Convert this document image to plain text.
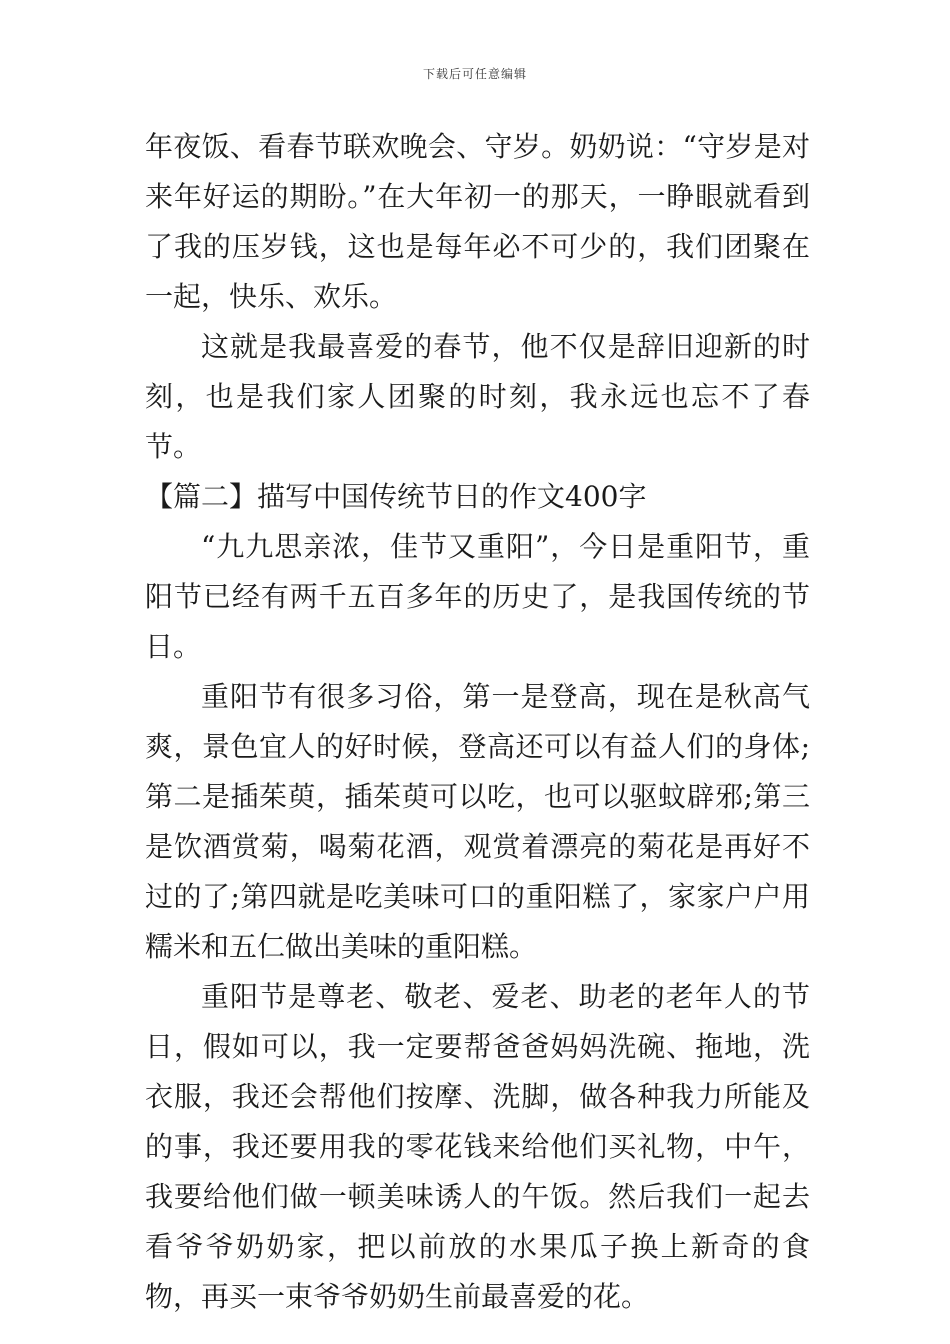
下载后可任意编辑

年夜饭、看春节联欢晚会、守岁。奶奶说：“守岁是对来年好运的期盼。”在大年初一的那天，一睁眼就看到了我的压岁钱，这也是每年必不可少的，我们团聚在一起，快乐、欢乐。

这就是我最喜爱的春节，他不仅是辞旧迎新的时刻，也是我们家人团聚的时刻，我永远也忘不了春节。

【篇二】描写中国传统节日的作文400字

“九九思亲浓，佳节又重阳”，今日是重阳节，重阳节已经有两千五百多年的历史了，是我国传统的节日。

重阳节有很多习俗，第一是登高，现在是秋高气爽，景色宜人的好时候，登高还可以有益人们的身体;第二是插茱萸，插茱萸可以吃，也可以驱蚊辟邪;第三是饮酒赏菊，喝菊花酒，观赏着漂亮的菊花是再好不过的了;第四就是吃美味可口的重阳糕了，家家户户用糯米和五仁做出美味的重阳糕。

重阳节是尊老、敬老、爱老、助老的老年人的节日，假如可以，我一定要帮爸爸妈妈洗碗、拖地，洗衣服，我还会帮他们按摩、洗脚，做各种我力所能及的事，我还要用我的零花钱来给他们买礼物，中午，我要给他们做一顿美味诱人的午饭。然后我们一起去看爷爷奶奶家，把以前放的水果瓜子换上新奇的食物，再买一束爷爷奶奶生前最喜爱的花。
